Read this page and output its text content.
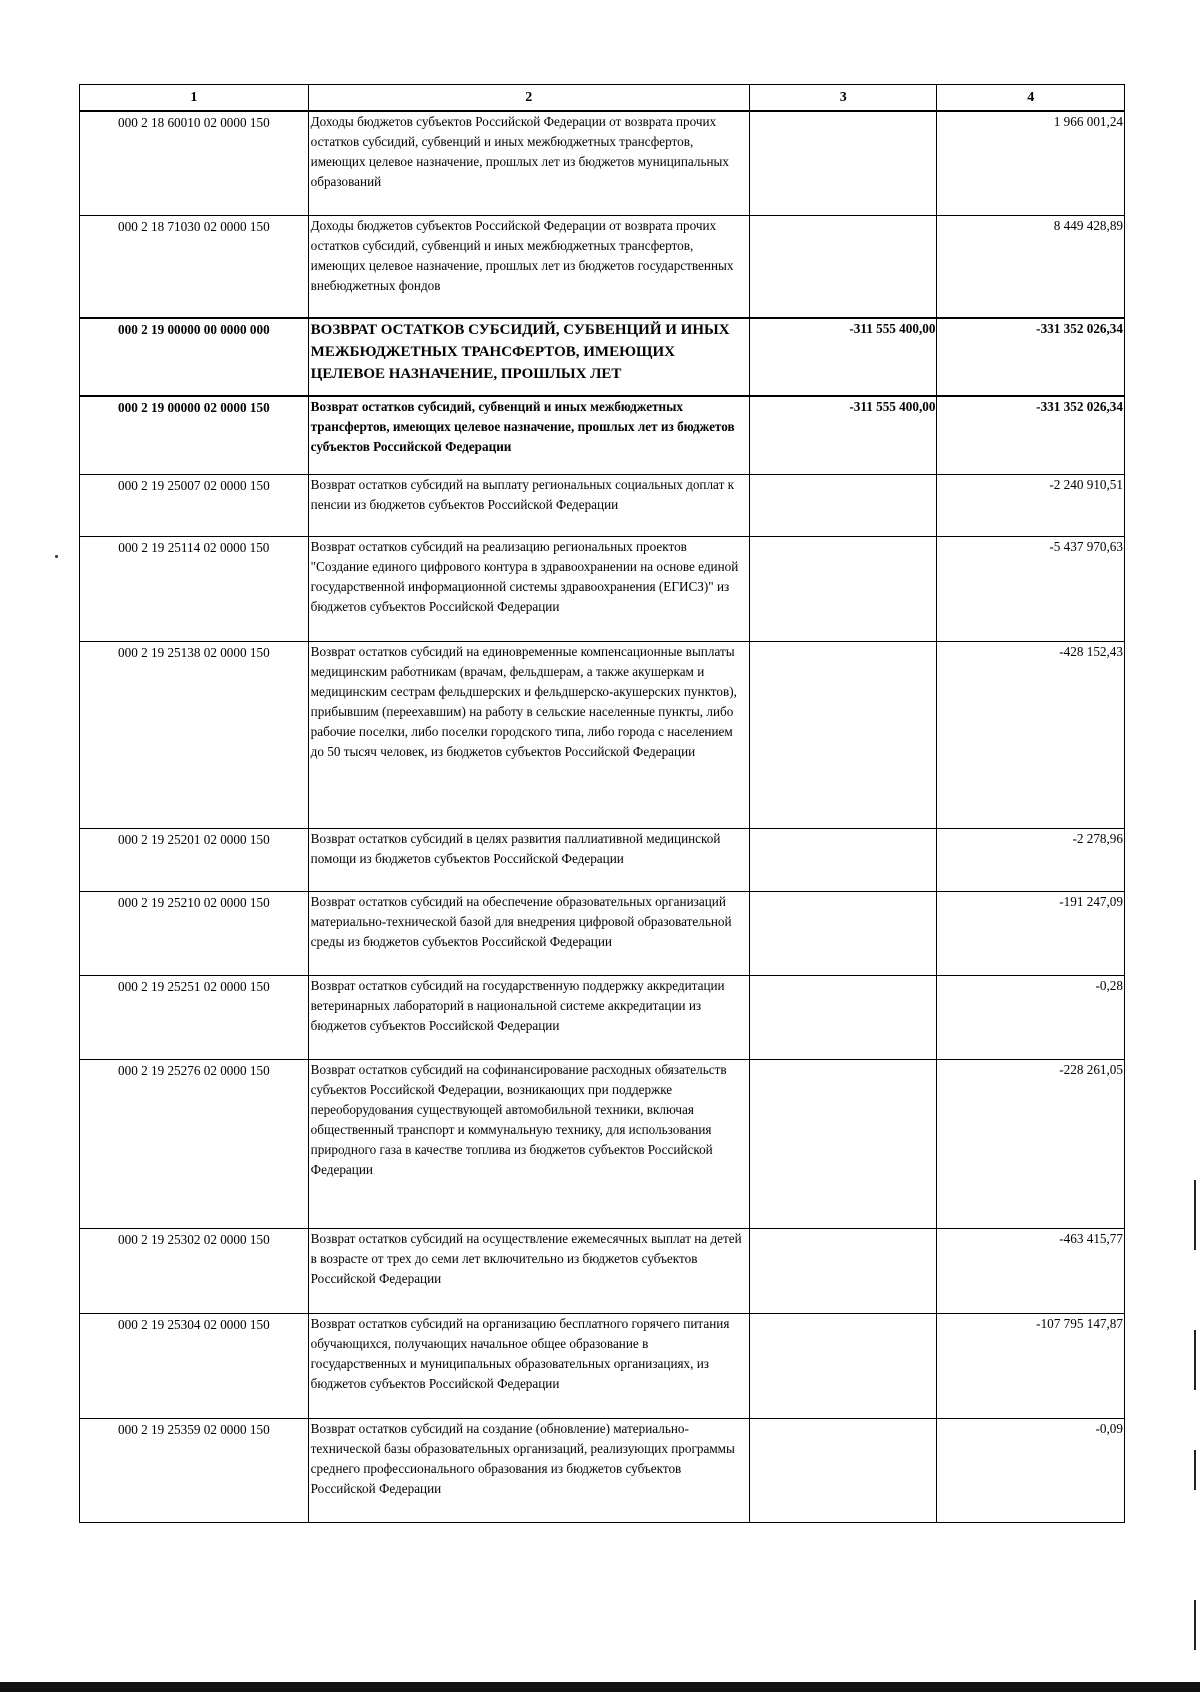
1	2	3	4
000 2 18 60010 02 0000 150	Доходы бюджетов субъектов Российской Федерации от возврата прочих остатков субсидий, субвенций и иных межбюджетных трансфертов, имеющих целевое назначение, прошлых лет из бюджетов муниципальных образований		1 966 001,24
000 2 18 71030 02 0000 150	Доходы бюджетов субъектов Российской Федерации от возврата прочих остатков субсидий, субвенций и иных межбюджетных трансфертов, имеющих целевое назначение, прошлых лет из бюджетов государственных внебюджетных фондов		8 449 428,89
000 2 19 00000 00 0000 000	ВОЗВРАТ ОСТАТКОВ СУБСИДИЙ, СУБВЕНЦИЙ И ИНЫХ МЕЖБЮДЖЕТНЫХ ТРАНСФЕРТОВ, ИМЕЮЩИХ ЦЕЛЕВОЕ НАЗНАЧЕНИЕ, ПРОШЛЫХ ЛЕТ	-311 555 400,00	-331 352 026,34
000 2 19 00000 02 0000 150	Возврат остатков субсидий, субвенций и иных межбюджетных трансфертов, имеющих целевое назначение, прошлых лет из бюджетов субъектов Российской Федерации	-311 555 400,00	-331 352 026,34
000 2 19 25007 02 0000 150	Возврат остатков субсидий на выплату региональных социальных доплат к пенсии из бюджетов субъектов Российской Федерации		-2 240 910,51
000 2 19 25114 02 0000 150	Возврат остатков субсидий на реализацию региональных проектов "Создание единого цифрового контура в здравоохранении на основе единой государственной информационной системы здравоохранения (ЕГИСЗ)" из бюджетов субъектов Российской Федерации		-5 437 970,63
000 2 19 25138 02 0000 150	Возврат остатков субсидий на единовременные компенсационные выплаты медицинским работникам (врачам, фельдшерам, а также акушеркам и медицинским сестрам фельдшерских и фельдшерско-акушерских пунктов), прибывшим (переехавшим) на работу в сельские населенные пункты, либо рабочие поселки, либо поселки городского типа, либо города с населением до 50 тысяч человек, из бюджетов субъектов Российской Федерации		-428 152,43
000 2 19 25201 02 0000 150	Возврат остатков субсидий в целях развития паллиативной медицинской помощи из бюджетов субъектов Российской Федерации		-2 278,96
000 2 19 25210 02 0000 150	Возврат остатков субсидий на обеспечение образовательных организаций материально-технической базой для внедрения цифровой образовательной среды из бюджетов субъектов Российской Федерации		-191 247,09
000 2 19 25251 02 0000 150	Возврат остатков субсидий на государственную поддержку аккредитации ветеринарных лабораторий в национальной системе аккредитации из бюджетов субъектов Российской Федерации		-0,28
000 2 19 25276 02 0000 150	Возврат остатков субсидий на софинансирование расходных обязательств субъектов Российской Федерации, возникающих при поддержке переоборудования существующей автомобильной техники, включая общественный транспорт и коммунальную технику, для использования природного газа в качестве топлива из бюджетов субъектов Российской Федерации		-228 261,05
000 2 19 25302 02 0000 150	Возврат остатков субсидий на осуществление ежемесячных выплат на детей в возрасте от трех до семи лет включительно из бюджетов субъектов Российской Федерации		-463 415,77
000 2 19 25304 02 0000 150	Возврат остатков субсидий на организацию бесплатного горячего питания обучающихся, получающих начальное общее образование в государственных и муниципальных образовательных организациях, из бюджетов субъектов Российской Федерации		-107 795 147,87
000 2 19 25359 02 0000 150	Возврат остатков субсидий на создание (обновление) материально-технической базы образовательных организаций, реализующих программы среднего профессионального образования из бюджетов субъектов Российской Федерации		-0,09
